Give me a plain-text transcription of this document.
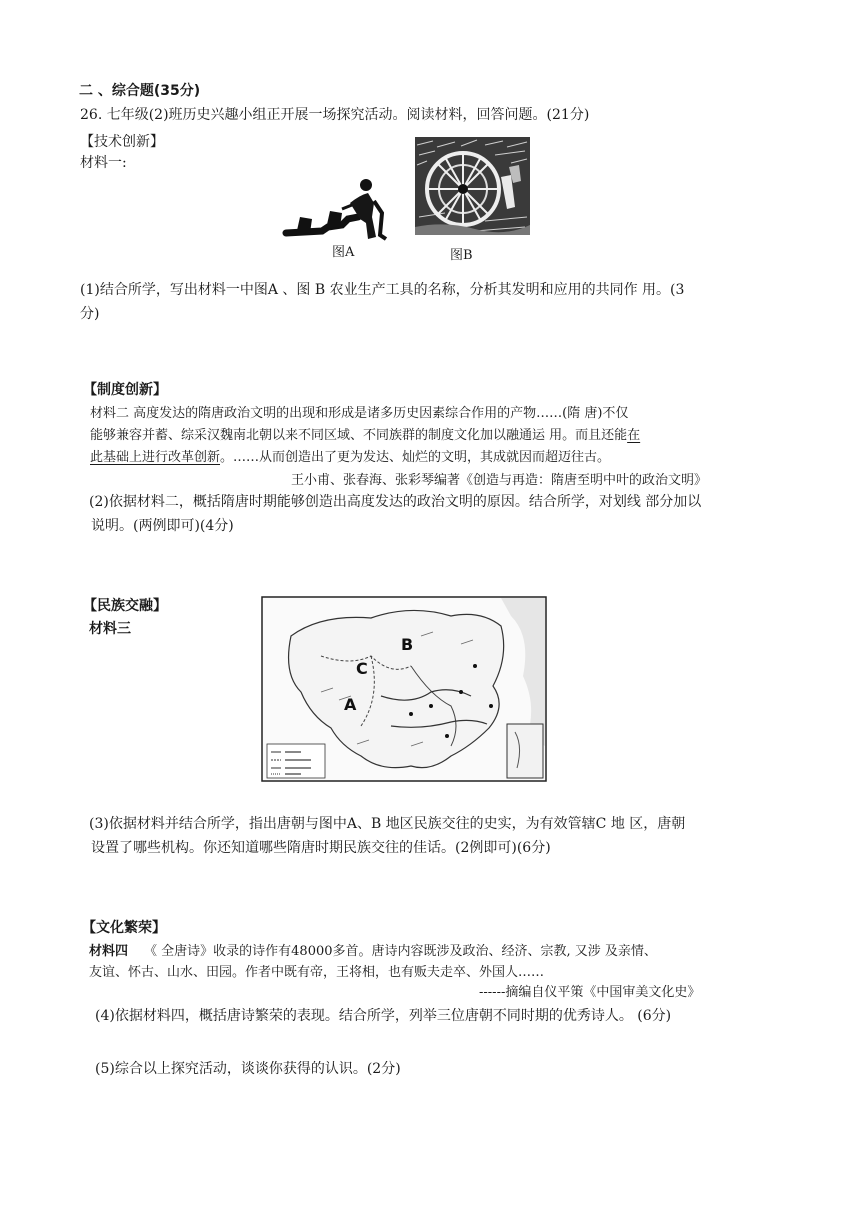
二 、综合题(35分)
26. 七年级(2)班历史兴趣小组正开展一场探究活动。阅读材料，回答问题。(21分)
【技术创新】
材料一:
图A	图B
(1)结合所学，写出材料一中图A 、图 B 农业生产工具的名称，分析其发明和应用的共同作 用。(3
分)
【制度创新】
材料二 高度发达的隋唐政治文明的出现和形成是诸多历史因素综合作用的产物……(隋 唐)不仅
能够兼容并蓄、综采汉魏南北朝以来不同区域、不同族群的制度文化加以融通运 用。而且还能在
此基础上进行改革创新。……从而创造出了更为发达、灿烂的文明，其成就因而超迈往古。
王小甫、张春海、张彩琴编著《创造与再造：隋唐至明中叶的政治文明》
(2)依据材料二，概括隋唐时期能够创造出高度发达的政治文明的原因。结合所学，对划线 部分加以
说明。(两例即可)(4分)
【民族交融】
材料三
B
C
A
(3)依据材料并结合所学，指出唐朝与图中A、B 地区民族交往的史实，为有效管辖C 地 区，唐朝
设置了哪些机构。你还知道哪些隋唐时期民族交往的佳话。(2例即可)(6分)
【文化繁荣】
材料四 《 全唐诗》收录的诗作有48000多首。唐诗内容既涉及政治、经济、宗教, 又涉 及亲情、
友谊、怀古、山水、田园。作者中既有帝，王将相，也有贩夫走卒、外国人……
------摘编自仪平策《中国审美文化史》
(4)依据材料四，概括唐诗繁荣的表现。结合所学，列举三位唐朝不同时期的优秀诗人。 (6分)
(5)综合以上探究活动，谈谈你获得的认识。(2分)
